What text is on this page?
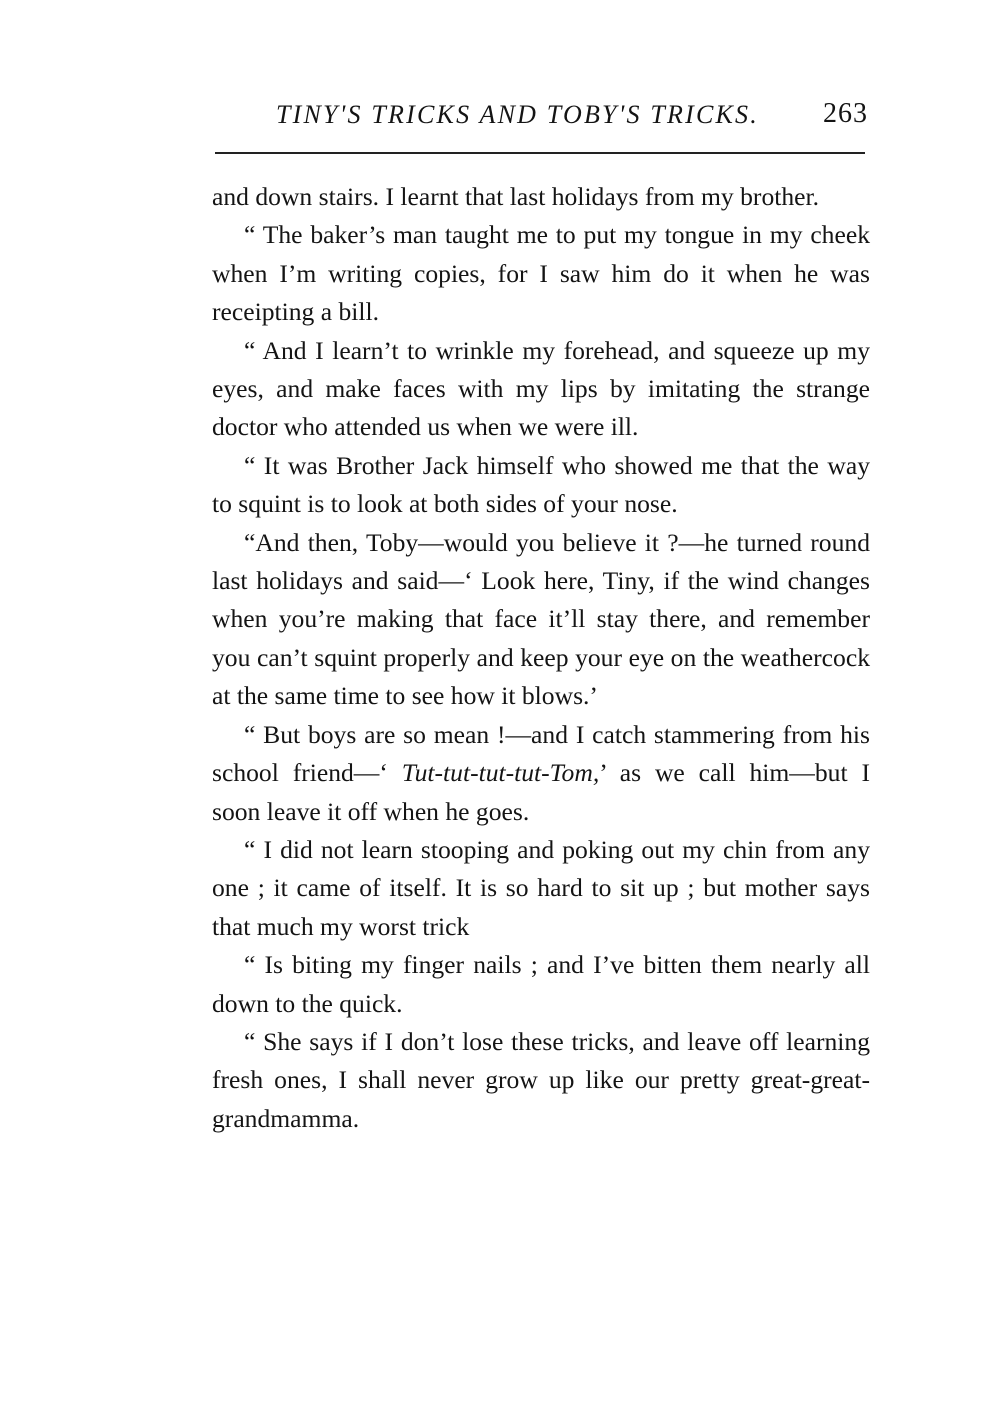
TINY'S TRICKS AND TOBY'S TRICKS. 263

and down stairs. I learnt that last holidays from my brother.

“ The baker’s man taught me to put my tongue in my cheek when I’m writing copies, for I saw him do it when he was receipting a bill.

“ And I learn’t to wrinkle my forehead, and squeeze up my eyes, and make faces with my lips by imitating the strange doctor who attended us when we were ill.

“ It was Brother Jack himself who showed me that the way to squint is to look at both sides of your nose.

“And then, Toby—would you believe it ?—he turned round last holidays and said—‘ Look here, Tiny, if the wind changes when you’re making that face it’ll stay there, and remember you can’t squint properly and keep your eye on the weathercock at the same time to see how it blows.’

“ But boys are so mean !—and I catch stammering from his school friend—‘ Tut-tut-tut-tut-Tom,’ as we call him—but I soon leave it off when he goes.

“ I did not learn stooping and poking out my chin from any one ; it came of itself. It is so hard to sit up ; but mother says that much my worst trick

“ Is biting my finger nails ; and I’ve bitten them nearly all down to the quick.

“ She says if I don’t lose these tricks, and leave off learning fresh ones, I shall never grow up like our pretty great-great-grandmamma.
